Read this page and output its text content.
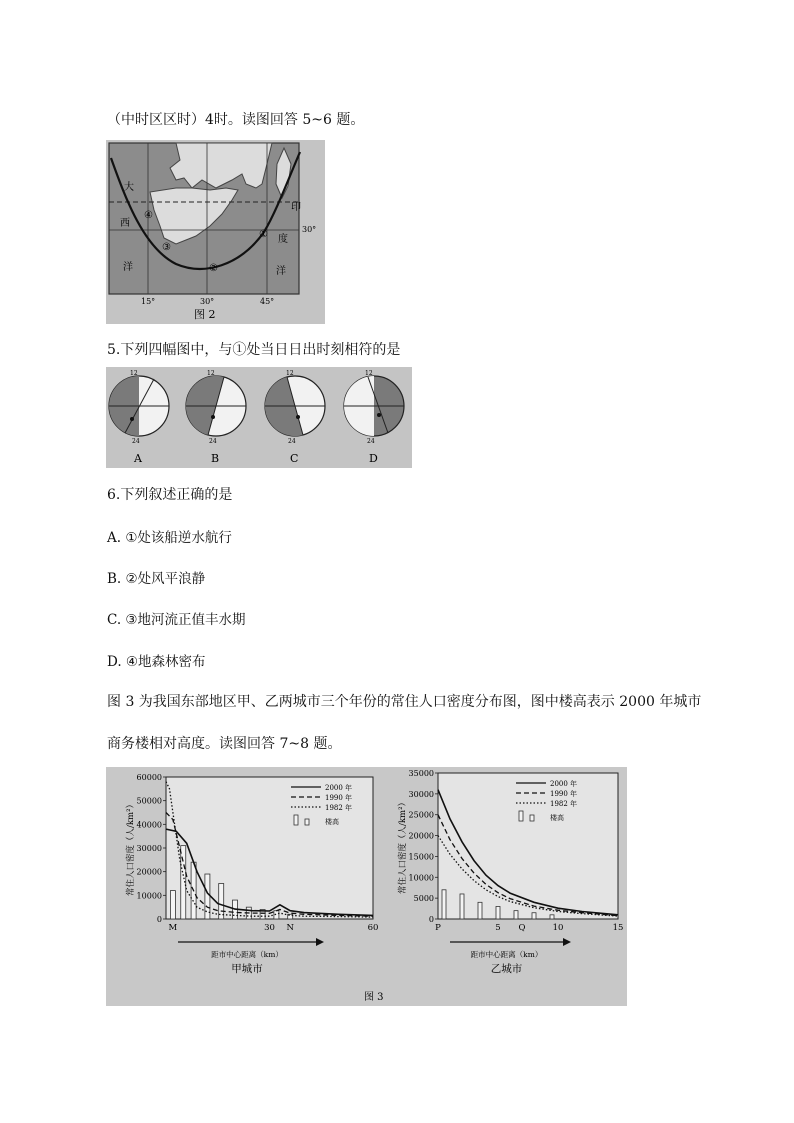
（中时区区时）4时。读图回答 5~6 题。
大
西
洋
印
度
洋
30°
15°	30°	45°
①
②
③
④
图 2
5.下列四幅图中，与①处当日日出时刻相符的是
12
24
A
12
24
B
12
24
C
12
24
D
6.下列叙述正确的是
A. ①处该船逆水航行
B. ②处风平浪静
C. ③地河流正值丰水期
D. ④地森林密布
图 3 为我国东部地区甲、乙两城市三个年份的常住人口密度分布图，图中楼高表示 2000 年城市
商务楼相对高度。读图回答 7~8 题。
图 3
0
10000
20000
30000
40000
50000
60000
M	30 N	60
距市中心距离（km）
甲城市
常住人口密度（人/km²）
2000 年
1990 年
1982 年
楼高
0
5000
10000
15000
20000
25000
30000
35000
P	5 Q	10	15
距市中心距离（km）
乙城市
常住人口密度（人/km²）
2000 年
1990 年
1982 年
楼高
